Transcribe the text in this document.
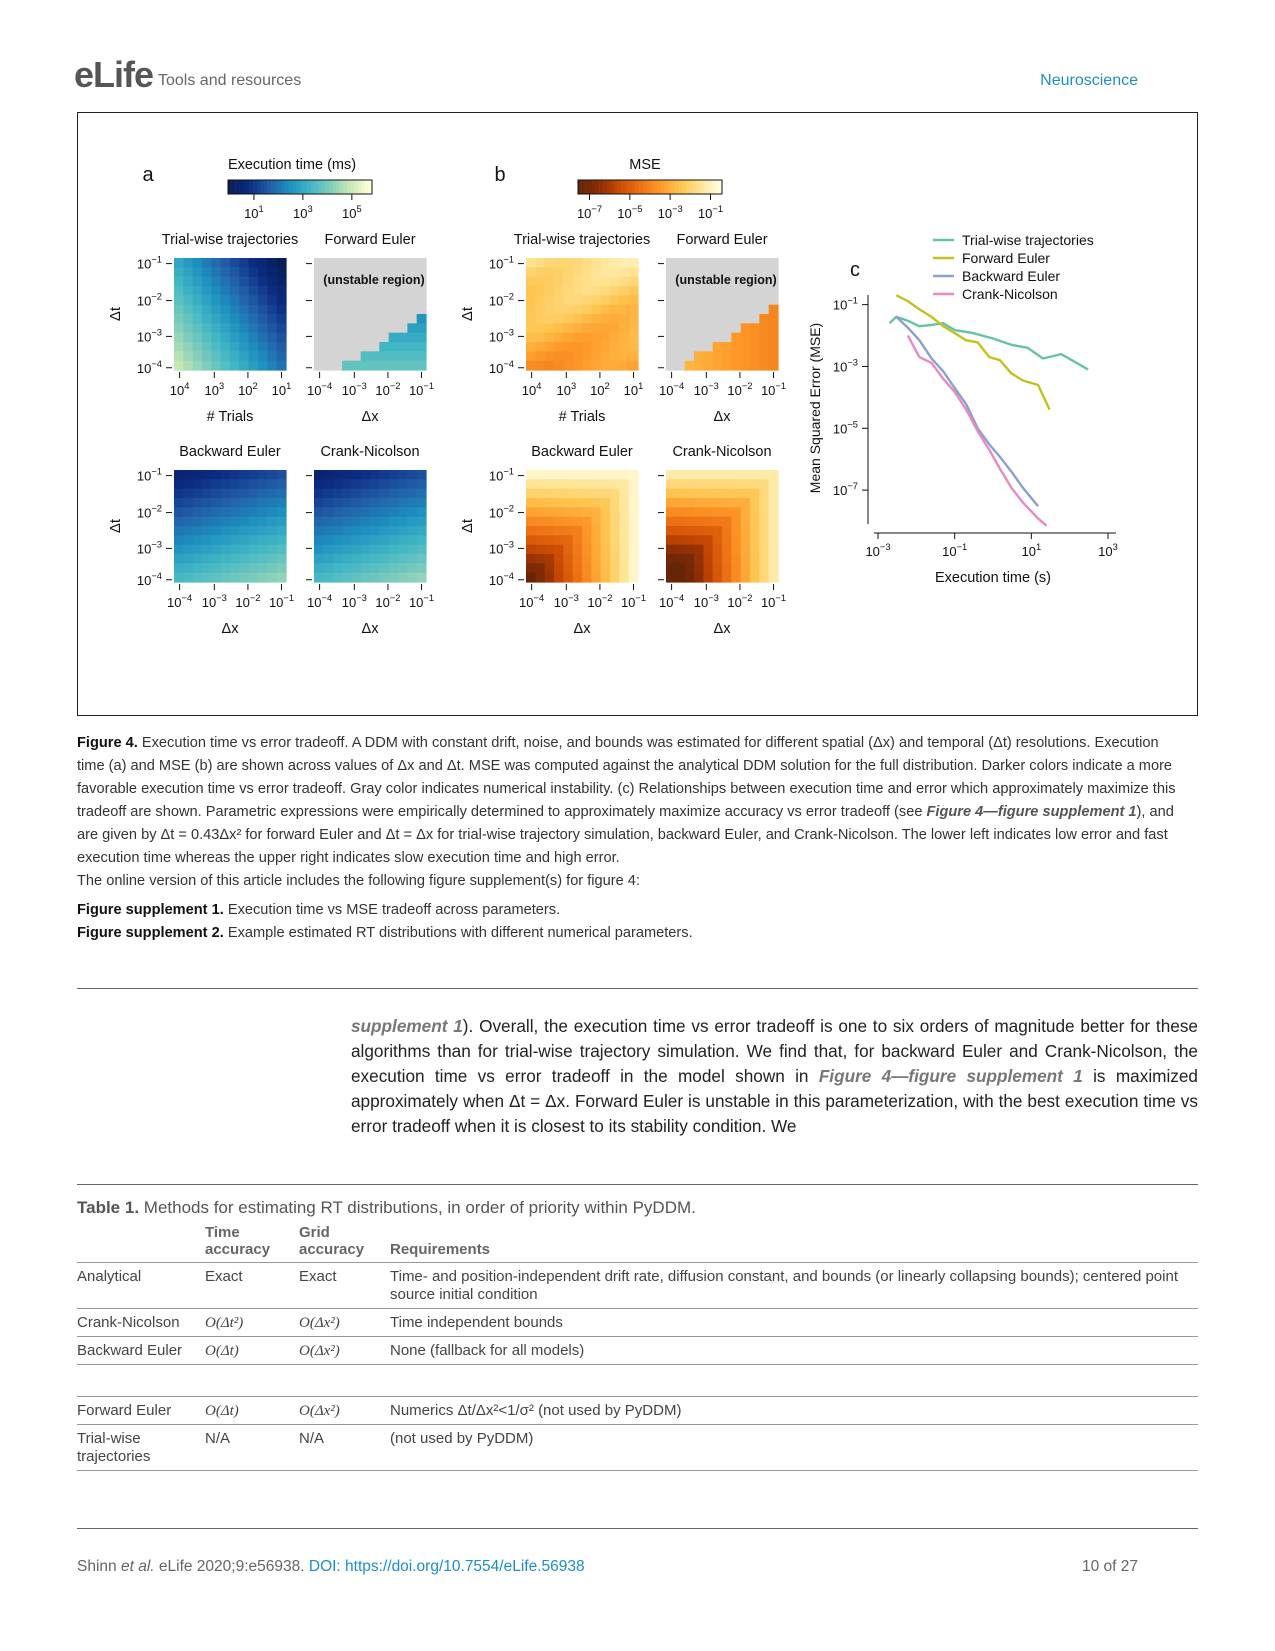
eLife Tools and resources	Neuroscience
a	Execution time (ms)
$10^1$ $10^3$ $10^5$
Trial-wise trajectories
$10^{-1}$
$10^{-2}$
$10^{-3}$
$10^{-4}$
Δt
$10^4$ $10^3$ $10^2$ $10^1$
# Trials
Forward Euler
$10^{-4}$ $10^{-3}$ $10^{-2}$ $10^{-1}$
Δx
(unstable region)
Backward Euler
$10^{-1}$
$10^{-2}$
$10^{-3}$
$10^{-4}$
Δt
$10^{-4}$ $10^{-3}$ $10^{-2}$ $10^{-1}$
Δx
Crank-Nicolson
$10^{-4}$ $10^{-3}$ $10^{-2}$ $10^{-1}$
Δx
b	MSE
$10^{-7}$ $10^{-5}$ $10^{-3}$ $10^{-1}$
Trial-wise trajectories
$10^{-1}$
$10^{-2}$
$10^{-3}$
$10^{-4}$
Δt
$10^4$ $10^3$ $10^2$ $10^1$
# Trials
Forward Euler
$10^{-4}$ $10^{-3}$ $10^{-2}$ $10^{-1}$
Δx
(unstable region)
Backward Euler
$10^{-1}$
$10^{-2}$
$10^{-3}$
$10^{-4}$
Δt
$10^{-4}$ $10^{-3}$ $10^{-2}$ $10^{-1}$
Δx
Crank-Nicolson
$10^{-4}$ $10^{-3}$ $10^{-2}$ $10^{-1}$
Δx
c
$10^{-1}$
$10^{-3}$
$10^{-5}$
$10^{-7}$
$10^{-3}$	$10^{-1}$	$10^1$	$10^3$
Execution time (s)
Mean Squared Error (MSE)
Trial-wise trajectories
Forward Euler
Backward Euler
Crank-Nicolson
Figure 4. Execution time vs error tradeoff. A DDM with constant drift, noise, and bounds was estimated for different spatial (Δx) and temporal (Δt) resolutions. Execution time (a) and MSE (b) are shown across values of Δx and Δt. MSE was computed against the analytical DDM solution for the full distribution. Darker colors indicate a more favorable execution time vs error tradeoff. Gray color indicates numerical instability. (c) Relationships between execution time and error which approximately maximize this tradeoff are shown. Parametric expressions were empirically determined to approximately maximize accuracy vs error tradeoff (see Figure 4—figure supplement 1), and are given by Δt = 0.43Δx² for forward Euler and Δt = Δx for trial-wise trajectory simulation, backward Euler, and Crank-Nicolson. The lower left indicates low error and fast execution time whereas the upper right indicates slow execution time and high error.
The online version of this article includes the following figure supplement(s) for figure 4:
Figure supplement 1. Execution time vs MSE tradeoff across parameters.
Figure supplement 2. Example estimated RT distributions with different numerical parameters.
supplement 1). Overall, the execution time vs error tradeoff is one to six orders of magnitude better for these algorithms than for trial-wise trajectory simulation. We find that, for backward Euler and Crank-Nicolson, the execution time vs error tradeoff in the model shown in Figure 4—figure supplement 1 is maximized approximately when Δt = Δx. Forward Euler is unstable in this parameterization, with the best execution time vs error tradeoff when it is closest to its stability condition. We
Table 1. Methods for estimating RT distributions, in order of priority within PyDDM.
	Time accuracy	Grid accuracy	Requirements
Analytical	Exact	Exact	Time- and position-independent drift rate, diffusion constant, and bounds (or linearly collapsing bounds); centered point source initial condition
Crank-Nicolson	O(Δt²)	O(Δx²)	Time independent bounds
Backward Euler	O(Δt)	O(Δx²)	None (fallback for all models)

Forward Euler	O(Δt)	O(Δx²)	Numerics Δt/Δx²<1/σ² (not used by PyDDM)
Trial-wise trajectories	N/A	N/A	(not used by PyDDM)
Shinn et al. eLife 2020;9:e56938. DOI: https://doi.org/10.7554/eLife.56938	10 of 27
